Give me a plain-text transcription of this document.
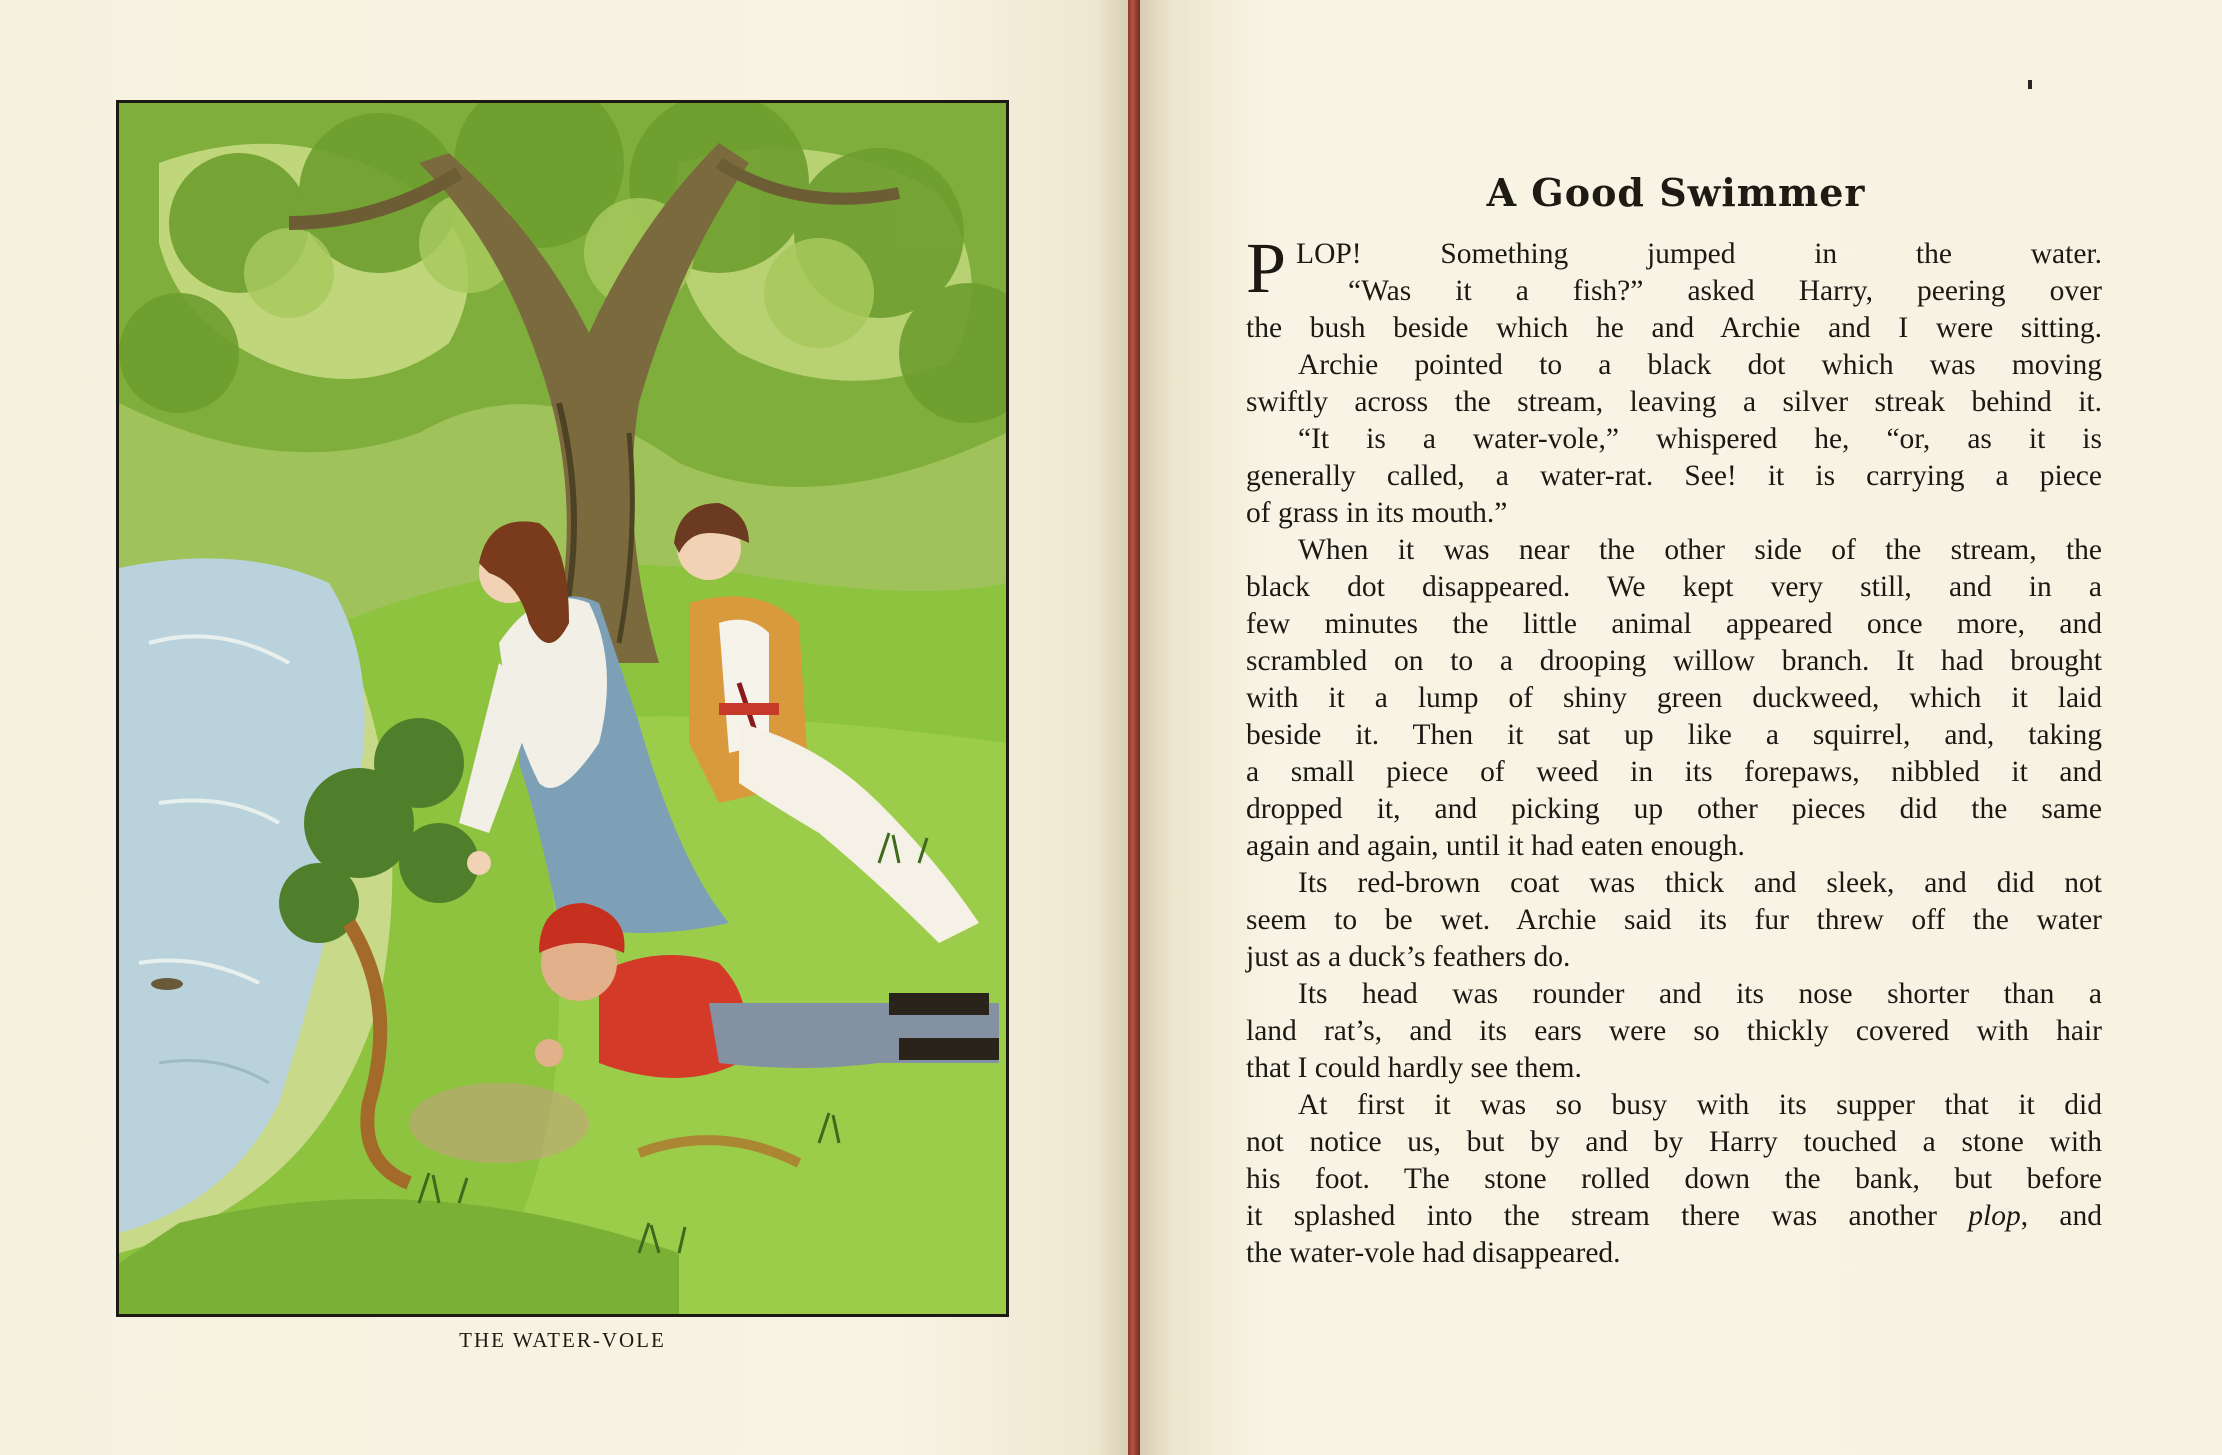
THE WATER-VOLE
A Good Swimmer

PLOP! Something jumped in the water.
“Was it a fish?” asked Harry, peering over

the bush beside which he and Archie and I were sitting.

Archie pointed to a black dot which was moving

swiftly across the stream, leaving a silver streak behind it.

“It is a water-vole,” whispered he, “or, as it is

generally called, a water-rat. See! it is carrying a piece

of grass in its mouth.”

When it was near the other side of the stream, the

black dot disappeared. We kept very still, and in a

few minutes the little animal appeared once more, and

scrambled on to a drooping willow branch. It had brought

with it a lump of shiny green duckweed, which it laid

beside it. Then it sat up like a squirrel, and, taking

a small piece of weed in its forepaws, nibbled it and

dropped it, and picking up other pieces did the same

again and again, until it had eaten enough.

Its red-brown coat was thick and sleek, and did not

seem to be wet. Archie said its fur threw off the water

just as a duck’s feathers do.

Its head was rounder and its nose shorter than a

land rat’s, and its ears were so thickly covered with hair

that I could hardly see them.

At first it was so busy with its supper that it did

not notice us, but by and by Harry touched a stone with

his foot. The stone rolled down the bank, but before

it splashed into the stream there was another plop, and

the water-vole had disappeared.
